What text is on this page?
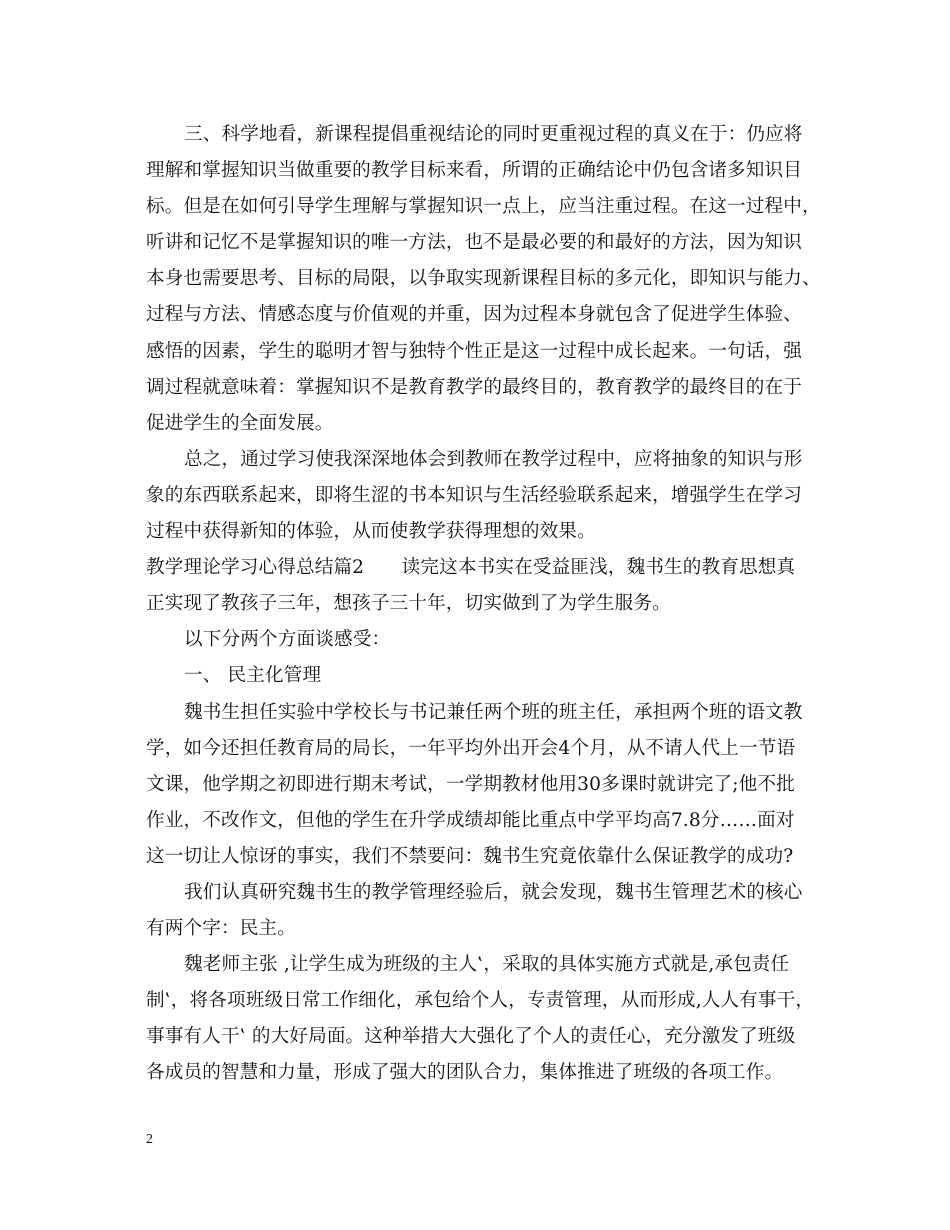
三、科学地看，新课程提倡重视结论的同时更重视过程的真义在于：仍应将
理解和掌握知识当做重要的教学目标来看，所谓的正确结论中仍包含诸多知识目
标。但是在如何引导学生理解与掌握知识一点上，应当注重过程。在这一过程中，
听讲和记忆不是掌握知识的唯一方法，也不是最必要的和最好的方法，因为知识
本身也需要思考、目标的局限，以争取实现新课程目标的多元化，即知识与能力、
过程与方法、情感态度与价值观的并重，因为过程本身就包含了促进学生体验、
感悟的因素，学生的聪明才智与独特个性正是这一过程中成长起来。一句话，强
调过程就意味着：掌握知识不是教育教学的最终目的，教育教学的最终目的在于
促进学生的全面发展。
总之，通过学习使我深深地体会到教师在教学过程中，应将抽象的知识与形
象的东西联系起来，即将生涩的书本知识与生活经验联系起来，增强学生在学习
过程中获得新知的体验，从而使教学获得理想的效果。
教学理论学习心得总结篇2　　读完这本书实在受益匪浅，魏书生的教育思想真
正实现了教孩子三年，想孩子三十年，切实做到了为学生服务。
以下分两个方面谈感受：
一、 民主化管理
魏书生担任实验中学校长与书记兼任两个班的班主任，承担两个班的语文教
学，如今还担任教育局的局长，一年平均外出开会4个月，从不请人代上一节语
文课，他学期之初即进行期末考试，一学期教材他用30多课时就讲完了;他不批
作业，不改作文，但他的学生在升学成绩却能比重点中学平均高7.8分……面对
这一切让人惊讶的事实，我们不禁要问：魏书生究竟依靠什么保证教学的成功?
我们认真研究魏书生的教学管理经验后，就会发现，魏书生管理艺术的核心
有两个字：民主。
魏老师主张 ‚让学生成为班级的主人‛，采取的具体实施方式就是‚承包责任
制‛，将各项班级日常工作细化，承包给个人，专责管理，从而形成‚人人有事干，
事事有人干‛ 的大好局面。这种举措大大强化了个人的责任心，充分激发了班级
各成员的智慧和力量，形成了强大的团队合力，集体推进了班级的各项工作。
2
